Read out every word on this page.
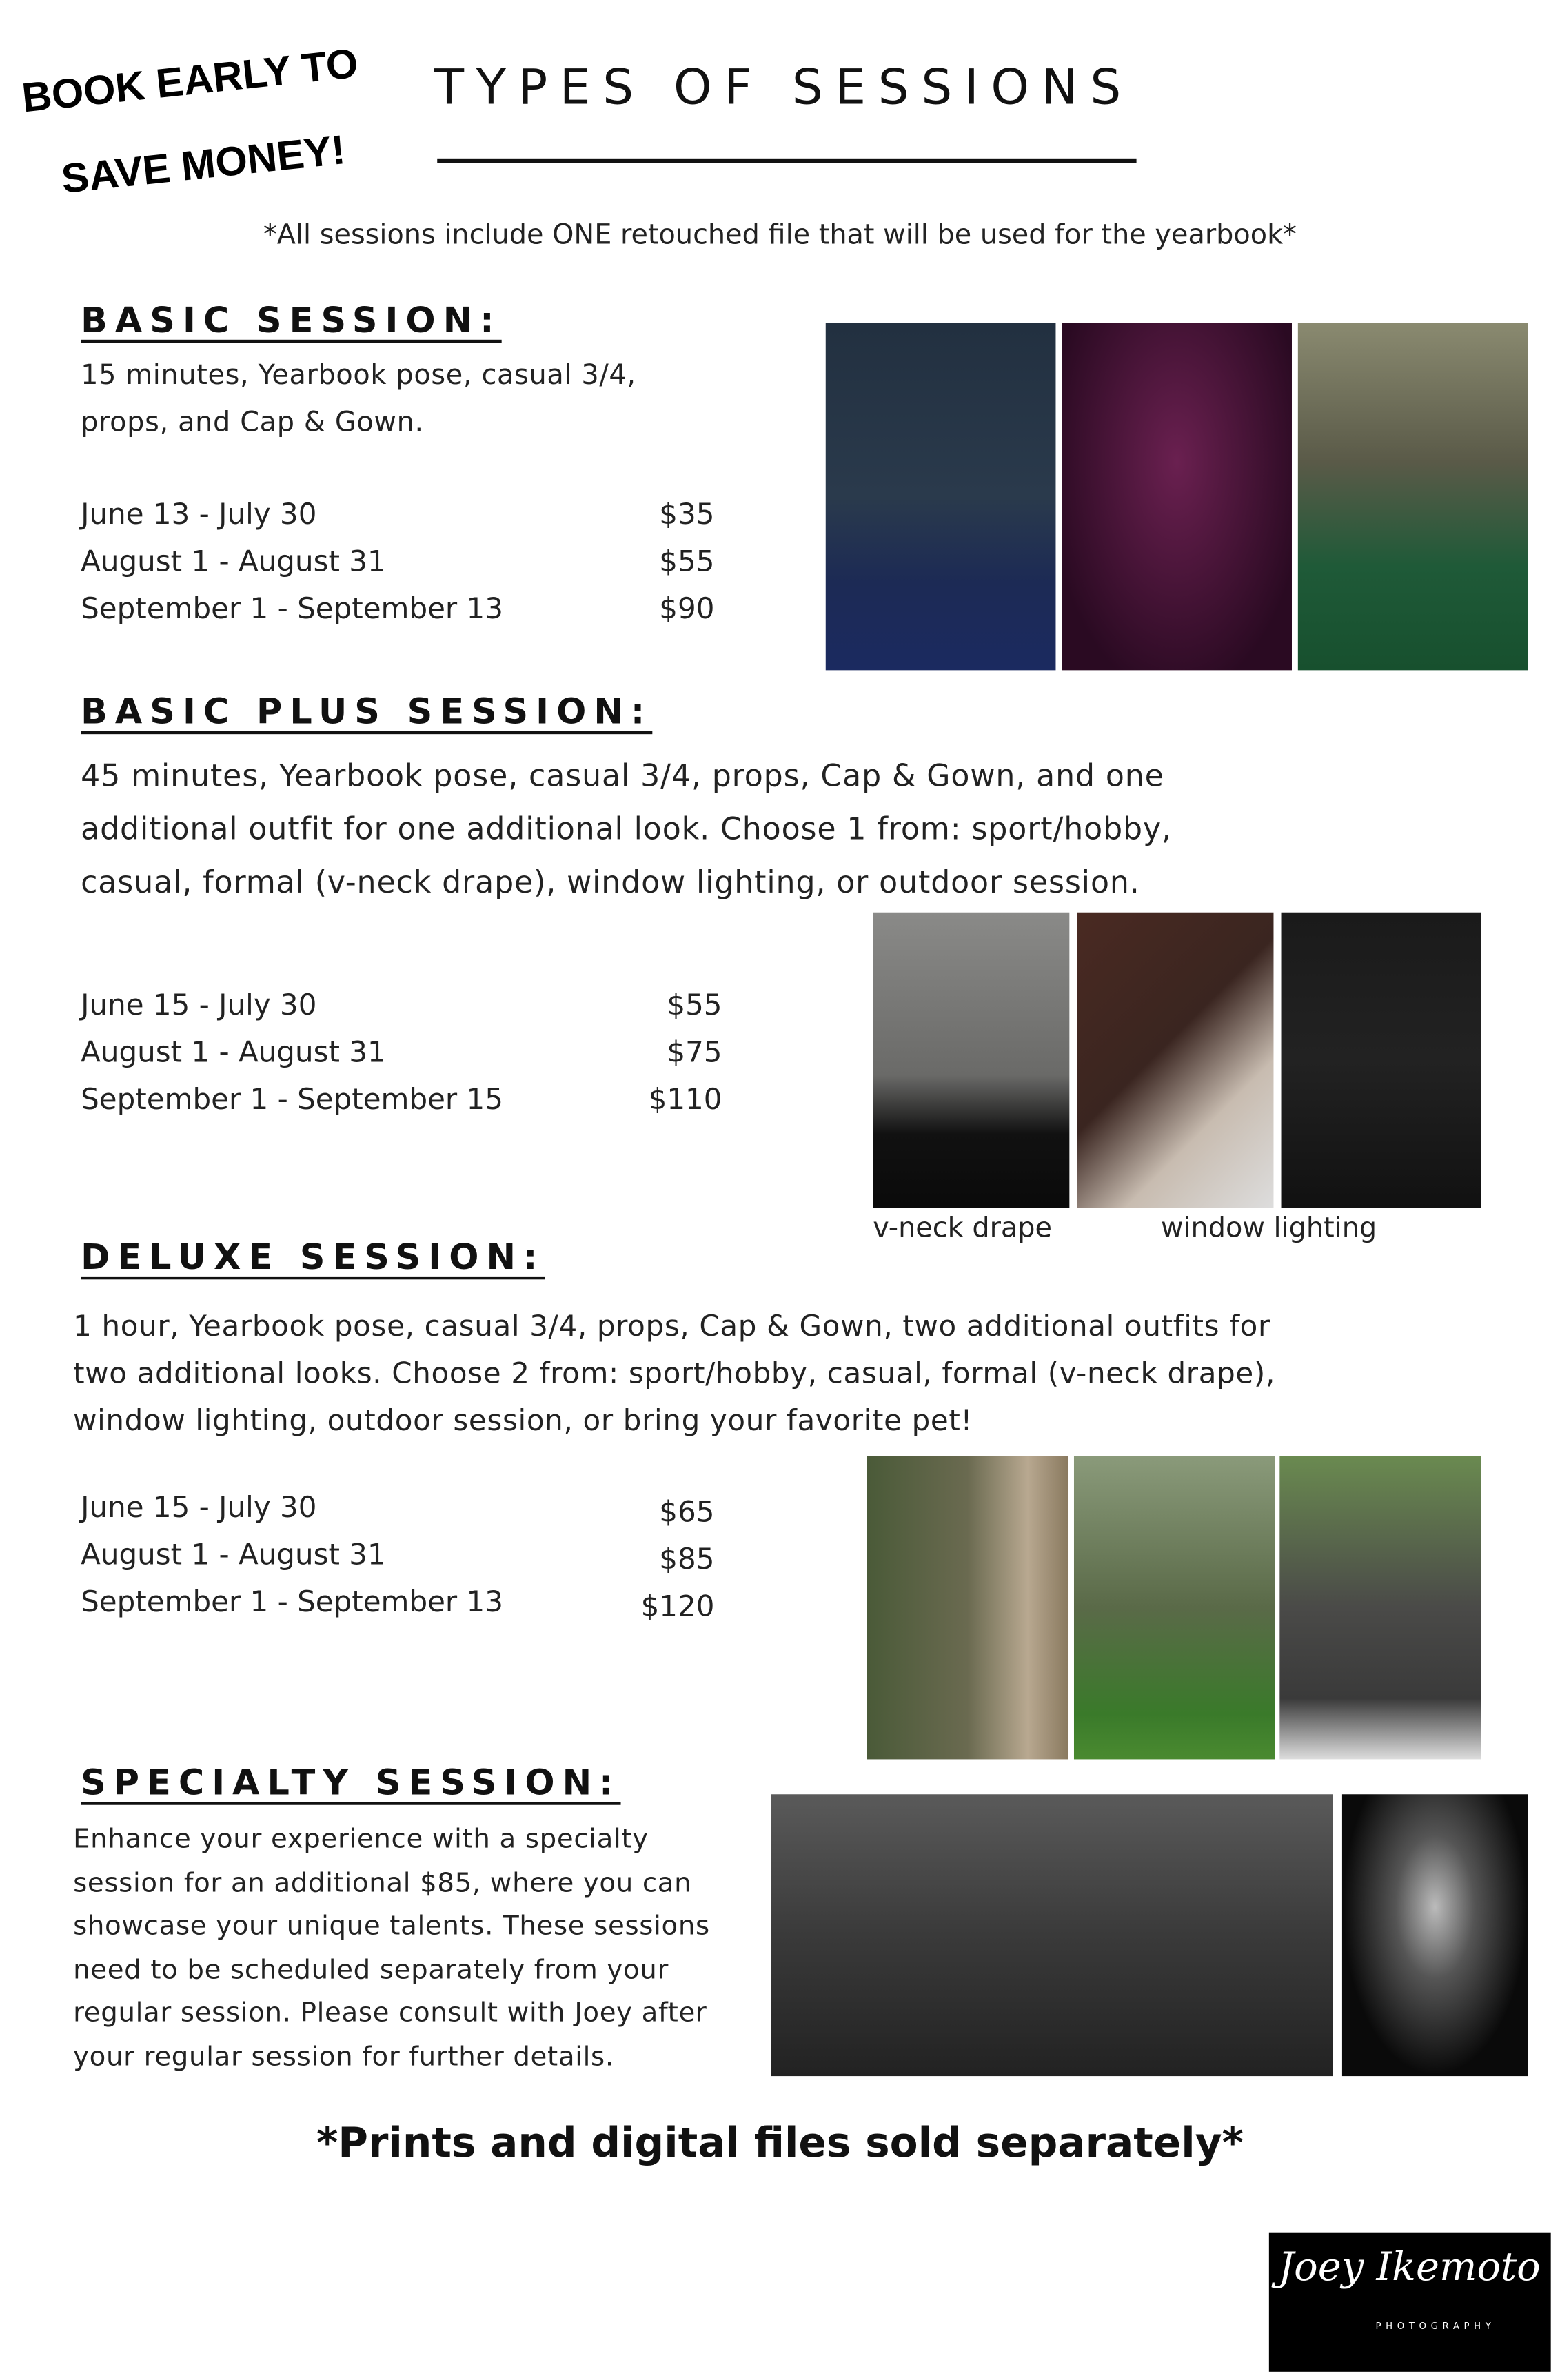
BOOK EARLY TO
SAVE MONEY!
TYPES OF SESSIONS
*All sessions include ONE retouched file that will be used for the yearbook*
BASIC SESSION:
15 minutes, Yearbook pose, casual 3/4,
props, and Cap & Gown.
June 13 - July 30	$35
August 1 - August 31	$55
September 1 - September 13	$90
BASIC PLUS SESSION:
45 minutes, Yearbook pose, casual 3/4, props, Cap & Gown, and one
additional outfit for one additional look. Choose 1 from: sport/hobby,
casual, formal (v-neck drape), window lighting, or outdoor session.
June 15 - July 30	$55
August 1 - August 31	$75
September 1 - September 15	$110
v-neck drape	window lighting
DELUXE SESSION:
1 hour, Yearbook pose, casual 3/4, props, Cap & Gown, two additional outfits for
two additional looks. Choose 2 from: sport/hobby, casual, formal (v-neck drape),
window lighting, outdoor session, or bring your favorite pet!
June 15 - July 30	$65
August 1 - August 31	$85
September 1 - September 13	$120
SPECIALTY SESSION:
Enhance your experience with a specialty
session for an additional $85, where you can
showcase your unique talents. These sessions
need to be scheduled separately from your
regular session. Please consult with Joey after
your regular session for further details.
*Prints and digital files sold separately*
Joey Ikemoto
PHOTOGRAPHY
